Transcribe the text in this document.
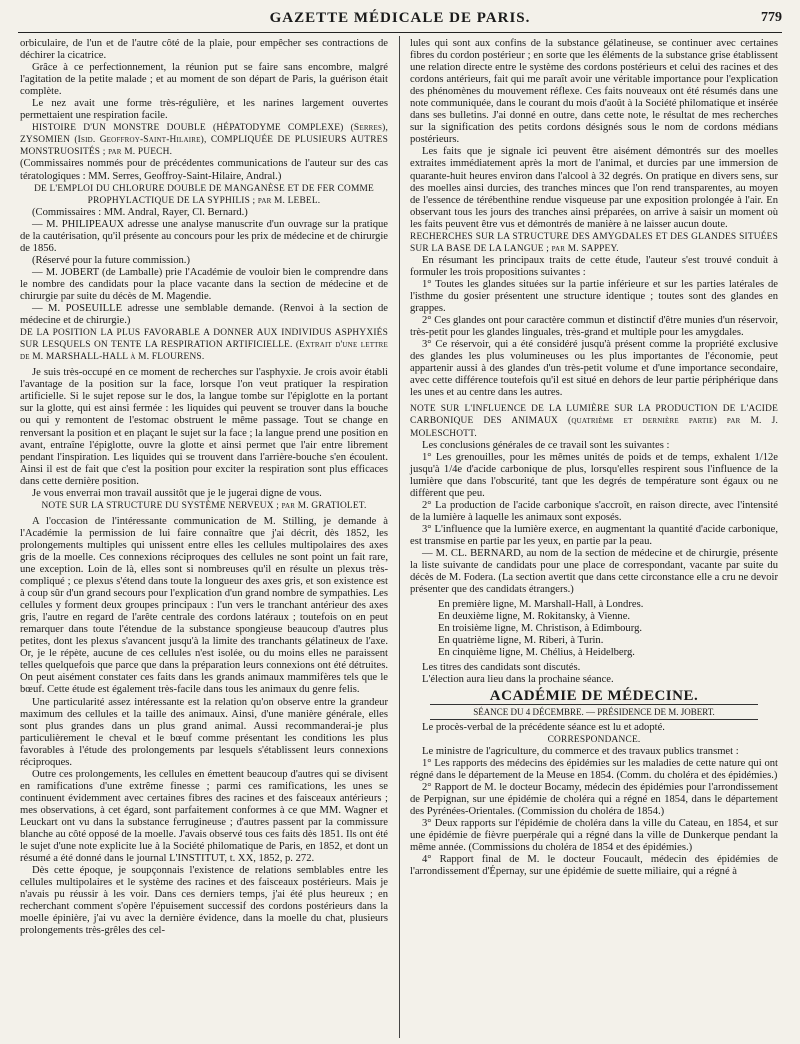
GAZETTE MÉDICALE DE PARIS.	779

orbiculaire, de l'un et de l'autre côté de la plaie, pour empêcher ses contractions de déchirer la cicatrice.

Grâce à ce perfectionnement, la réunion put se faire sans encombre, malgré l'agitation de la petite malade ; et au moment de son départ de Paris, la guérison était complète.

Le nez avait une forme très-régulière, et les narines largement ouvertes permettaient une respiration facile.

HISTOIRE D'UN MONSTRE DOUBLE (HÉPATODYME COMPLEXE) (Serres), ZYSOMIEN (Isid. Geoffroy-Saint-Hilaire), COMPLIQUÉE DE PLUSIEURS AUTRES MONSTRUOSITÉS ; par M. PUECH.

(Commissaires nommés pour de précédentes communications de l'auteur sur des cas tératologiques : MM. Serres, Geoffroy-Saint-Hilaire, Andral.)

DE L'EMPLOI DU CHLORURE DOUBLE DE MANGANÈSE ET DE FER COMME PROPHYLACTIQUE DE LA SYPHILIS ; par M. LEBEL.

(Commissaires : MM. Andral, Rayer, Cl. Bernard.)

— M. PHILIPEAUX adresse une analyse manuscrite d'un ouvrage sur la pratique de la cautérisation, qu'il présente au concours pour les prix de médecine et de chirurgie de 1856.

(Réservé pour la future commission.)

— M. JOBERT (de Lamballe) prie l'Académie de vouloir bien le comprendre dans le nombre des candidats pour la place vacante dans la section de médecine et de chirurgie par suite du décès de M. Magendie.

— M. POSEUILLE adresse une semblable demande. (Renvoi à la section de médecine et de chirurgie.)

DE LA POSITION LA PLUS FAVORABLE A DONNER AUX INDIVIDUS ASPHYXIÉS SUR LESQUELS ON TENTE LA RESPIRATION ARTIFICIELLE. (Extrait d'une lettre de M. MARSHALL-HALL à M. FLOURENS.

Je suis très-occupé en ce moment de recherches sur l'asphyxie. Je crois avoir établi l'avantage de la position sur la face, lorsque l'on veut pratiquer la respiration artificielle. Si le sujet repose sur le dos, la langue tombe sur l'épiglotte en la portant sur la glotte, qui est ainsi fermée : les liquides qui peuvent se trouver dans la bouche ou qui y remontent de l'estomac obstruent le même passage. Tout se change en renversant la position et en plaçant le sujet sur la face ; la langue prend une position en avant, entraîne l'épiglotte, ouvre la glotte et ainsi permet que l'air entre librement pendant l'inspiration. Les liquides qui se trouvent dans l'arrière-bouche s'en écoulent. Ainsi il est de fait que c'est la position pour exciter la respiration sont plus efficaces dans cette dernière position.

Je vous enverrai mon travail aussitôt que je le jugerai digne de vous.

NOTE SUR LA STRUCTURE DU SYSTÈME NERVEUX ; par M. GRATIOLET.

A l'occasion de l'intéressante communication de M. Stilling, je demande à l'Académie la permission de lui faire connaître que j'ai décrit, dès 1852, les prolongements multiples qui unissent entre elles les cellules multipolaires des axes gris de la moelle. Ces connexions réciproques des cellules ne sont point un fait rare, une exception. Loin de là, elles sont si nombreuses qu'il en résulte un plexus très-compliqué ; ce plexus s'étend dans toute la longueur des axes gris, et son existence est à coup sûr d'un grand secours pour l'explication d'un grand nombre de sympathies. Les cellules y forment deux groupes principaux : l'un vers le tranchant antérieur des axes gris, l'autre en regard de l'arête centrale des cordons latéraux ; toutefois on en peut remarquer dans toute l'étendue de la substance spongieuse beaucoup d'autres plus petites, dont les plexus s'avancent jusqu'à la limite des tranchants gélatineux de l'axe. Or, je le répète, aucune de ces cellules n'est isolée, ou du moins elles ne paraissent telles quelquefois que parce que dans la préparation leurs connexions ont été détruites. On peut aisément constater ces faits dans les grands animaux mammifères tels que le bœuf. Cette étude est également très-facile dans tous les animaux du genre felis.

Une particularité assez intéressante est la relation qu'on observe entre la grandeur maximum des cellules et la taille des animaux. Ainsi, d'une manière générale, elles sont plus grandes dans un plus grand animal. Aussi recommanderai-je plus particulièrement le cheval et le bœuf comme présentant les conditions les plus favorables à l'étude des prolongements par lesquels s'établissent leurs connexions réciproques.

Outre ces prolongements, les cellules en émettent beaucoup d'autres qui se divisent en ramifications d'une extrême finesse ; parmi ces ramifications, les unes se continuent évidemment avec certaines fibres des racines et des faisceaux antérieurs ; mes observations, à cet égard, sont parfaitement conformes à ce que MM. Wagner et Leuckart ont vu dans la substance ferrugineuse ; d'autres passent par la commissure blanche au côté opposé de la moelle. J'avais observé tous ces faits dès 1851. Ils ont été le sujet d'une note explicite lue à la Société philomatique de Paris, en 1852, et dont un résumé a été donné dans le journal L'INSTITUT, t. XX, 1852, p. 272.

Dès cette époque, je soupçonnais l'existence de relations semblables entre les cellules multipolaires et le système des racines et des faisceaux postérieurs. Mais je n'avais pu réussir à les voir. Dans ces derniers temps, j'ai été plus heureux ; en recherchant comment s'opère l'épuisement successif des cordons postérieurs dans la moelle épinière, j'ai vu avec la dernière évidence, dans la moelle du chat, plusieurs prolongements très-grêles des cel-

lules qui sont aux confins de la substance gélatineuse, se continuer avec certaines fibres du cordon postérieur ; en sorte que les éléments de la substance grise établissent une relation directe entre le système des cordons postérieurs et celui des racines et des cordons antérieurs, fait qui me paraît avoir une véritable importance pour l'explication des phénomènes du mouvement réflexe. Ces faits nouveaux ont été résumés dans une note communiquée, dans le courant du mois d'août à la Société philomatique et insérée dans ses bulletins. J'ai donné en outre, dans cette note, le résultat de mes recherches sur la signification des petits cordons désignés sous le nom de cordons médians postérieurs.

Les faits que je signale ici peuvent être aisément démontrés sur des moelles extraites immédiatement après la mort de l'animal, et durcies par une immersion de quarante-huit heures environ dans l'alcool à 32 degrés. On pratique en divers sens, sur des moelles ainsi durcies, des tranches minces que l'on rend transparentes, au moyen de l'essence de térébenthine rendue visqueuse par une exposition prolongée à l'air. En observant tous les jours des tranches ainsi préparées, on arrive à saisir un moment où les faits peuvent être vus et démontrés de manière à ne laisser aucun doute.

RECHERCHES SUR LA STRUCTURE DES AMYGDALES ET DES GLANDES SITUÉES SUR LA BASE DE LA LANGUE ; par M. SAPPEY.

En résumant les principaux traits de cette étude, l'auteur s'est trouvé conduit à formuler les trois propositions suivantes :

1° Toutes les glandes situées sur la partie inférieure et sur les parties latérales de l'isthme du gosier présentent une structure identique ; toutes sont des glandes en grappes.

2° Ces glandes ont pour caractère commun et distinctif d'être munies d'un réservoir, très-petit pour les glandes linguales, très-grand et multiple pour les amygdales.

3° Ce réservoir, qui a été considéré jusqu'à présent comme la propriété exclusive des glandes les plus volumineuses ou les plus importantes de l'économie, peut appartenir aussi à des glandes d'un très-petit volume et d'une importance secondaire, avec cette différence toutefois qu'il est situé en dehors de leur partie périphérique dans les unes et au centre dans les autres.

NOTE SUR L'INFLUENCE DE LA LUMIÈRE SUR LA PRODUCTION DE L'ACIDE CARBONIQUE DES ANIMAUX (quatrième et dernière partie) par M. J. MOLESCHOTT.

Les conclusions générales de ce travail sont les suivantes :

1° Les grenouilles, pour les mêmes unités de poids et de temps, exhalent 1/12e jusqu'à 1/4e d'acide carbonique de plus, lorsqu'elles respirent sous l'influence de la lumière que dans l'obscurité, tant que les degrés de température sont égaux ou ne diffèrent que peu.

2° La production de l'acide carbonique s'accroît, en raison directe, avec l'intensité de la lumière à laquelle les animaux sont exposés.

3° L'influence que la lumière exerce, en augmentant la quantité d'acide carbonique, est transmise en partie par les yeux, en partie par la peau.

— M. CL. BERNARD, au nom de la section de médecine et de chirurgie, présente la liste suivante de candidats pour une place de correspondant, vacante par suite du décès de M. Fodera. (La section avertit que dans cette circonstance elle a cru ne devoir présenter que des candidats étrangers.)

En première ligne, M. Marshall-Hall, à Londres.
En deuxième ligne, M. Rokitansky, à Vienne.
En troisième ligne, M. Christison, à Edimbourg.
En quatrième ligne, M. Riberi, à Turin.
En cinquième ligne, M. Chélius, à Heidelberg.

Les titres des candidats sont discutés.

L'élection aura lieu dans la prochaine séance.

ACADÉMIE DE MÉDECINE.
SÉANCE DU 4 DÉCEMBRE. — PRÉSIDENCE DE M. JOBERT.

Le procès-verbal de la précédente séance est lu et adopté.

CORRESPONDANCE.

Le ministre de l'agriculture, du commerce et des travaux publics transmet :

1° Les rapports des médecins des épidémies sur les maladies de cette nature qui ont régné dans le département de la Meuse en 1854. (Comm. du choléra et des épidémies.)

2° Rapport de M. le docteur Bocamy, médecin des épidémies pour l'arrondissement de Perpignan, sur une épidémie de choléra qui a régné en 1854, dans le département des Pyrénées-Orientales. (Commission du choléra de 1854.)

3° Deux rapports sur l'épidémie de choléra dans la ville du Cateau, en 1854, et sur une épidémie de fièvre puerpérale qui a régné dans la ville de Dunkerque pendant la même année. (Commissions du choléra de 1854 et des épidémies.)

4° Rapport final de M. le docteur Foucault, médecin des épidémies de l'arrondissement d'Épernay, sur une épidémie de suette miliaire, qui a régné à
